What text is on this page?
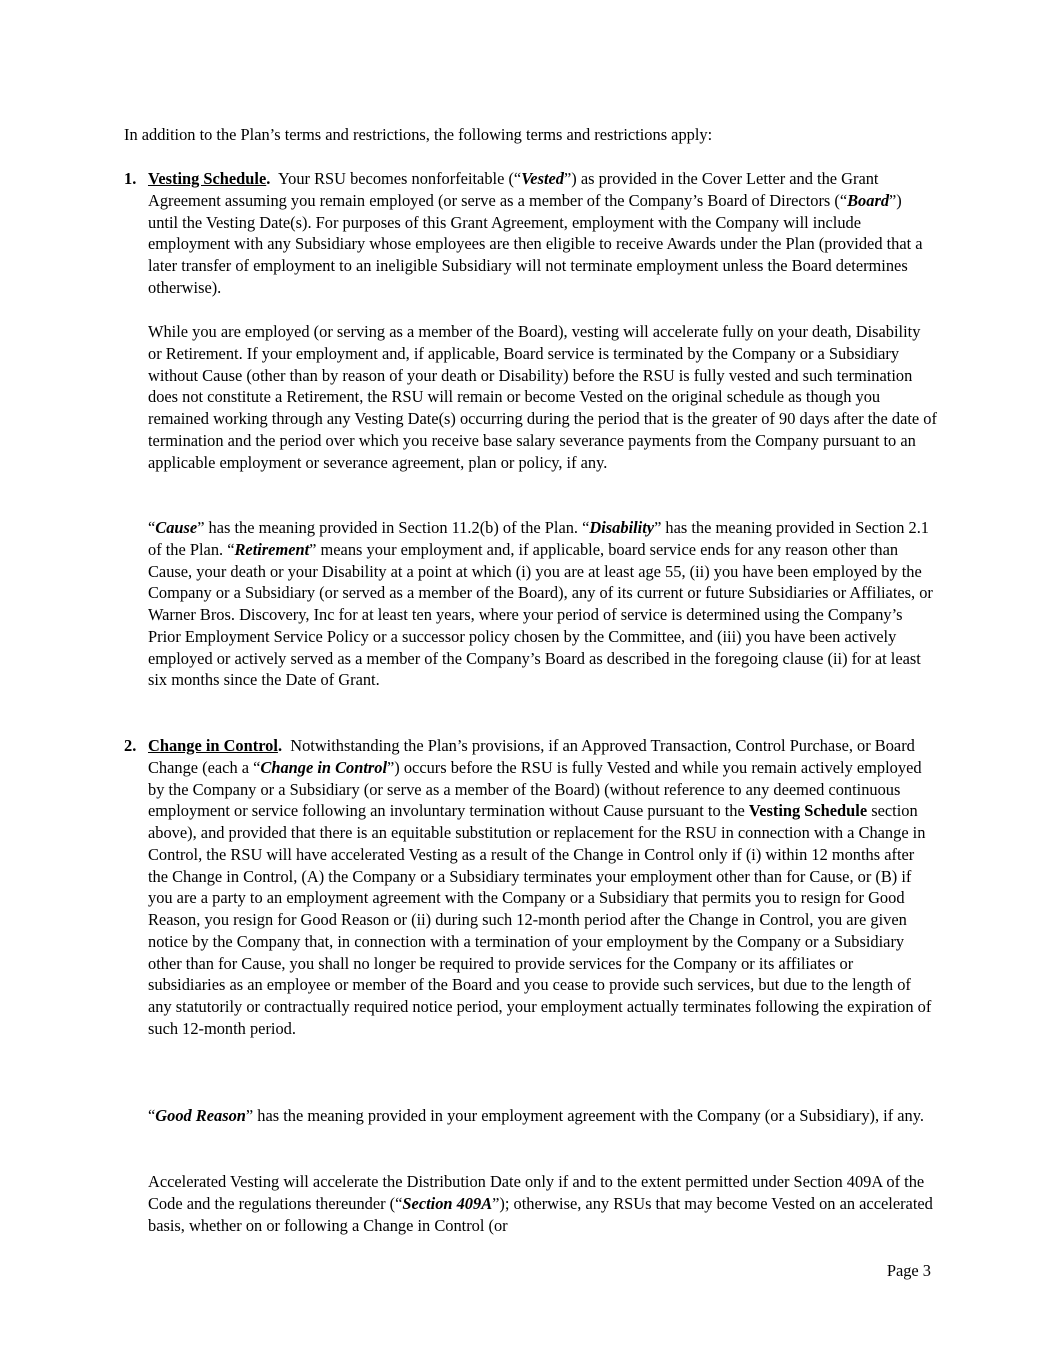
In addition to the Plan’s terms and restrictions, the following terms and restrictions apply:

1. Vesting Schedule. Your RSU becomes nonforfeitable (“Vested”) as provided in the Cover Letter and the Grant Agreement assuming you remain employed (or serve as a member of the Company’s Board of Directors (“Board”) until the Vesting Date(s). For purposes of this Grant Agreement, employment with the Company will include employment with any Subsidiary whose employees are then eligible to receive Awards under the Plan (provided that a later transfer of employment to an ineligible Subsidiary will not terminate employment unless the Board determines otherwise).

While you are employed (or serving as a member of the Board), vesting will accelerate fully on your death, Disability or Retirement. If your employment and, if applicable, Board service is terminated by the Company or a Subsidiary without Cause (other than by reason of your death or Disability) before the RSU is fully vested and such termination does not constitute a Retirement, the RSU will remain or become Vested on the original schedule as though you remained working through any Vesting Date(s) occurring during the period that is the greater of 90 days after the date of termination and the period over which you receive base salary severance payments from the Company pursuant to an applicable employment or severance agreement, plan or policy, if any.

“Cause” has the meaning provided in Section 11.2(b) of the Plan. “Disability” has the meaning provided in Section 2.1 of the Plan. “Retirement” means your employment and, if applicable, board service ends for any reason other than Cause, your death or your Disability at a point at which (i) you are at least age 55, (ii) you have been employed by the Company or a Subsidiary (or served as a member of the Board), any of its current or future Subsidiaries or Affiliates, or Warner Bros. Discovery, Inc for at least ten years, where your period of service is determined using the Company’s Prior Employment Service Policy or a successor policy chosen by the Committee, and (iii) you have been actively employed or actively served as a member of the Company’s Board as described in the foregoing clause (ii) for at least six months since the Date of Grant.

2. Change in Control. Notwithstanding the Plan’s provisions, if an Approved Transaction, Control Purchase, or Board Change (each a “Change in Control”) occurs before the RSU is fully Vested and while you remain actively employed by the Company or a Subsidiary (or serve as a member of the Board) (without reference to any deemed continuous employment or service following an involuntary termination without Cause pursuant to the Vesting Schedule section above), and provided that there is an equitable substitution or replacement for the RSU in connection with a Change in Control, the RSU will have accelerated Vesting as a result of the Change in Control only if (i) within 12 months after the Change in Control, (A) the Company or a Subsidiary terminates your employment other than for Cause, or (B) if you are a party to an employment agreement with the Company or a Subsidiary that permits you to resign for Good Reason, you resign for Good Reason or (ii) during such 12-month period after the Change in Control, you are given notice by the Company that, in connection with a termination of your employment by the Company or a Subsidiary other than for Cause, you shall no longer be required to provide services for the Company or its affiliates or subsidiaries as an employee or member of the Board and you cease to provide such services, but due to the length of any statutorily or contractually required notice period, your employment actually terminates following the expiration of such 12-month period.

“Good Reason” has the meaning provided in your employment agreement with the Company (or a Subsidiary), if any.

Accelerated Vesting will accelerate the Distribution Date only if and to the extent permitted under Section 409A of the Code and the regulations thereunder (“Section 409A”); otherwise, any RSUs that may become Vested on an accelerated basis, whether on or following a Change in Control (or

Page 3
